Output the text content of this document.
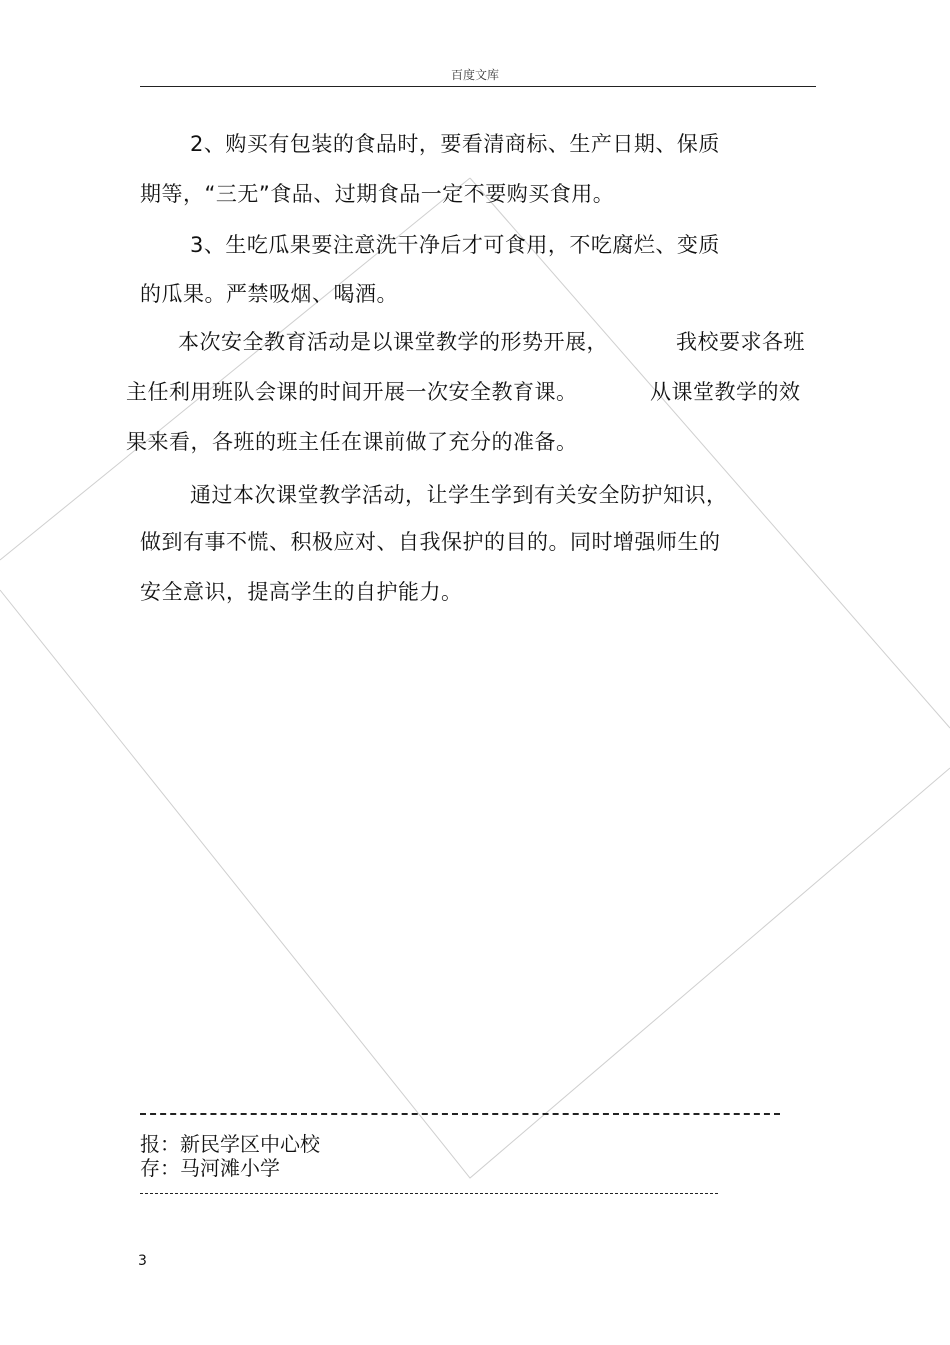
百度文库
2、购买有包装的食品时，要看清商标、生产日期、保质
期等，“三无”食品、过期食品一定不要购买食用。
3、生吃瓜果要注意洗干净后才可食用，不吃腐烂、变质
的瓜果。严禁吸烟、喝酒。
本次安全教育活动是以课堂教学的形势开展，	我校要求各班
主任利用班队会课的时间开展一次安全教育课。	从课堂教学的效
果来看，各班的班主任在课前做了充分的准备。
通过本次课堂教学活动，让学生学到有关安全防护知识，
做到有事不慌、积极应对、自我保护的目的。同时增强师生的
安全意识，提高学生的自护能力。
报：新民学区中心校
存：马河滩小学
3
